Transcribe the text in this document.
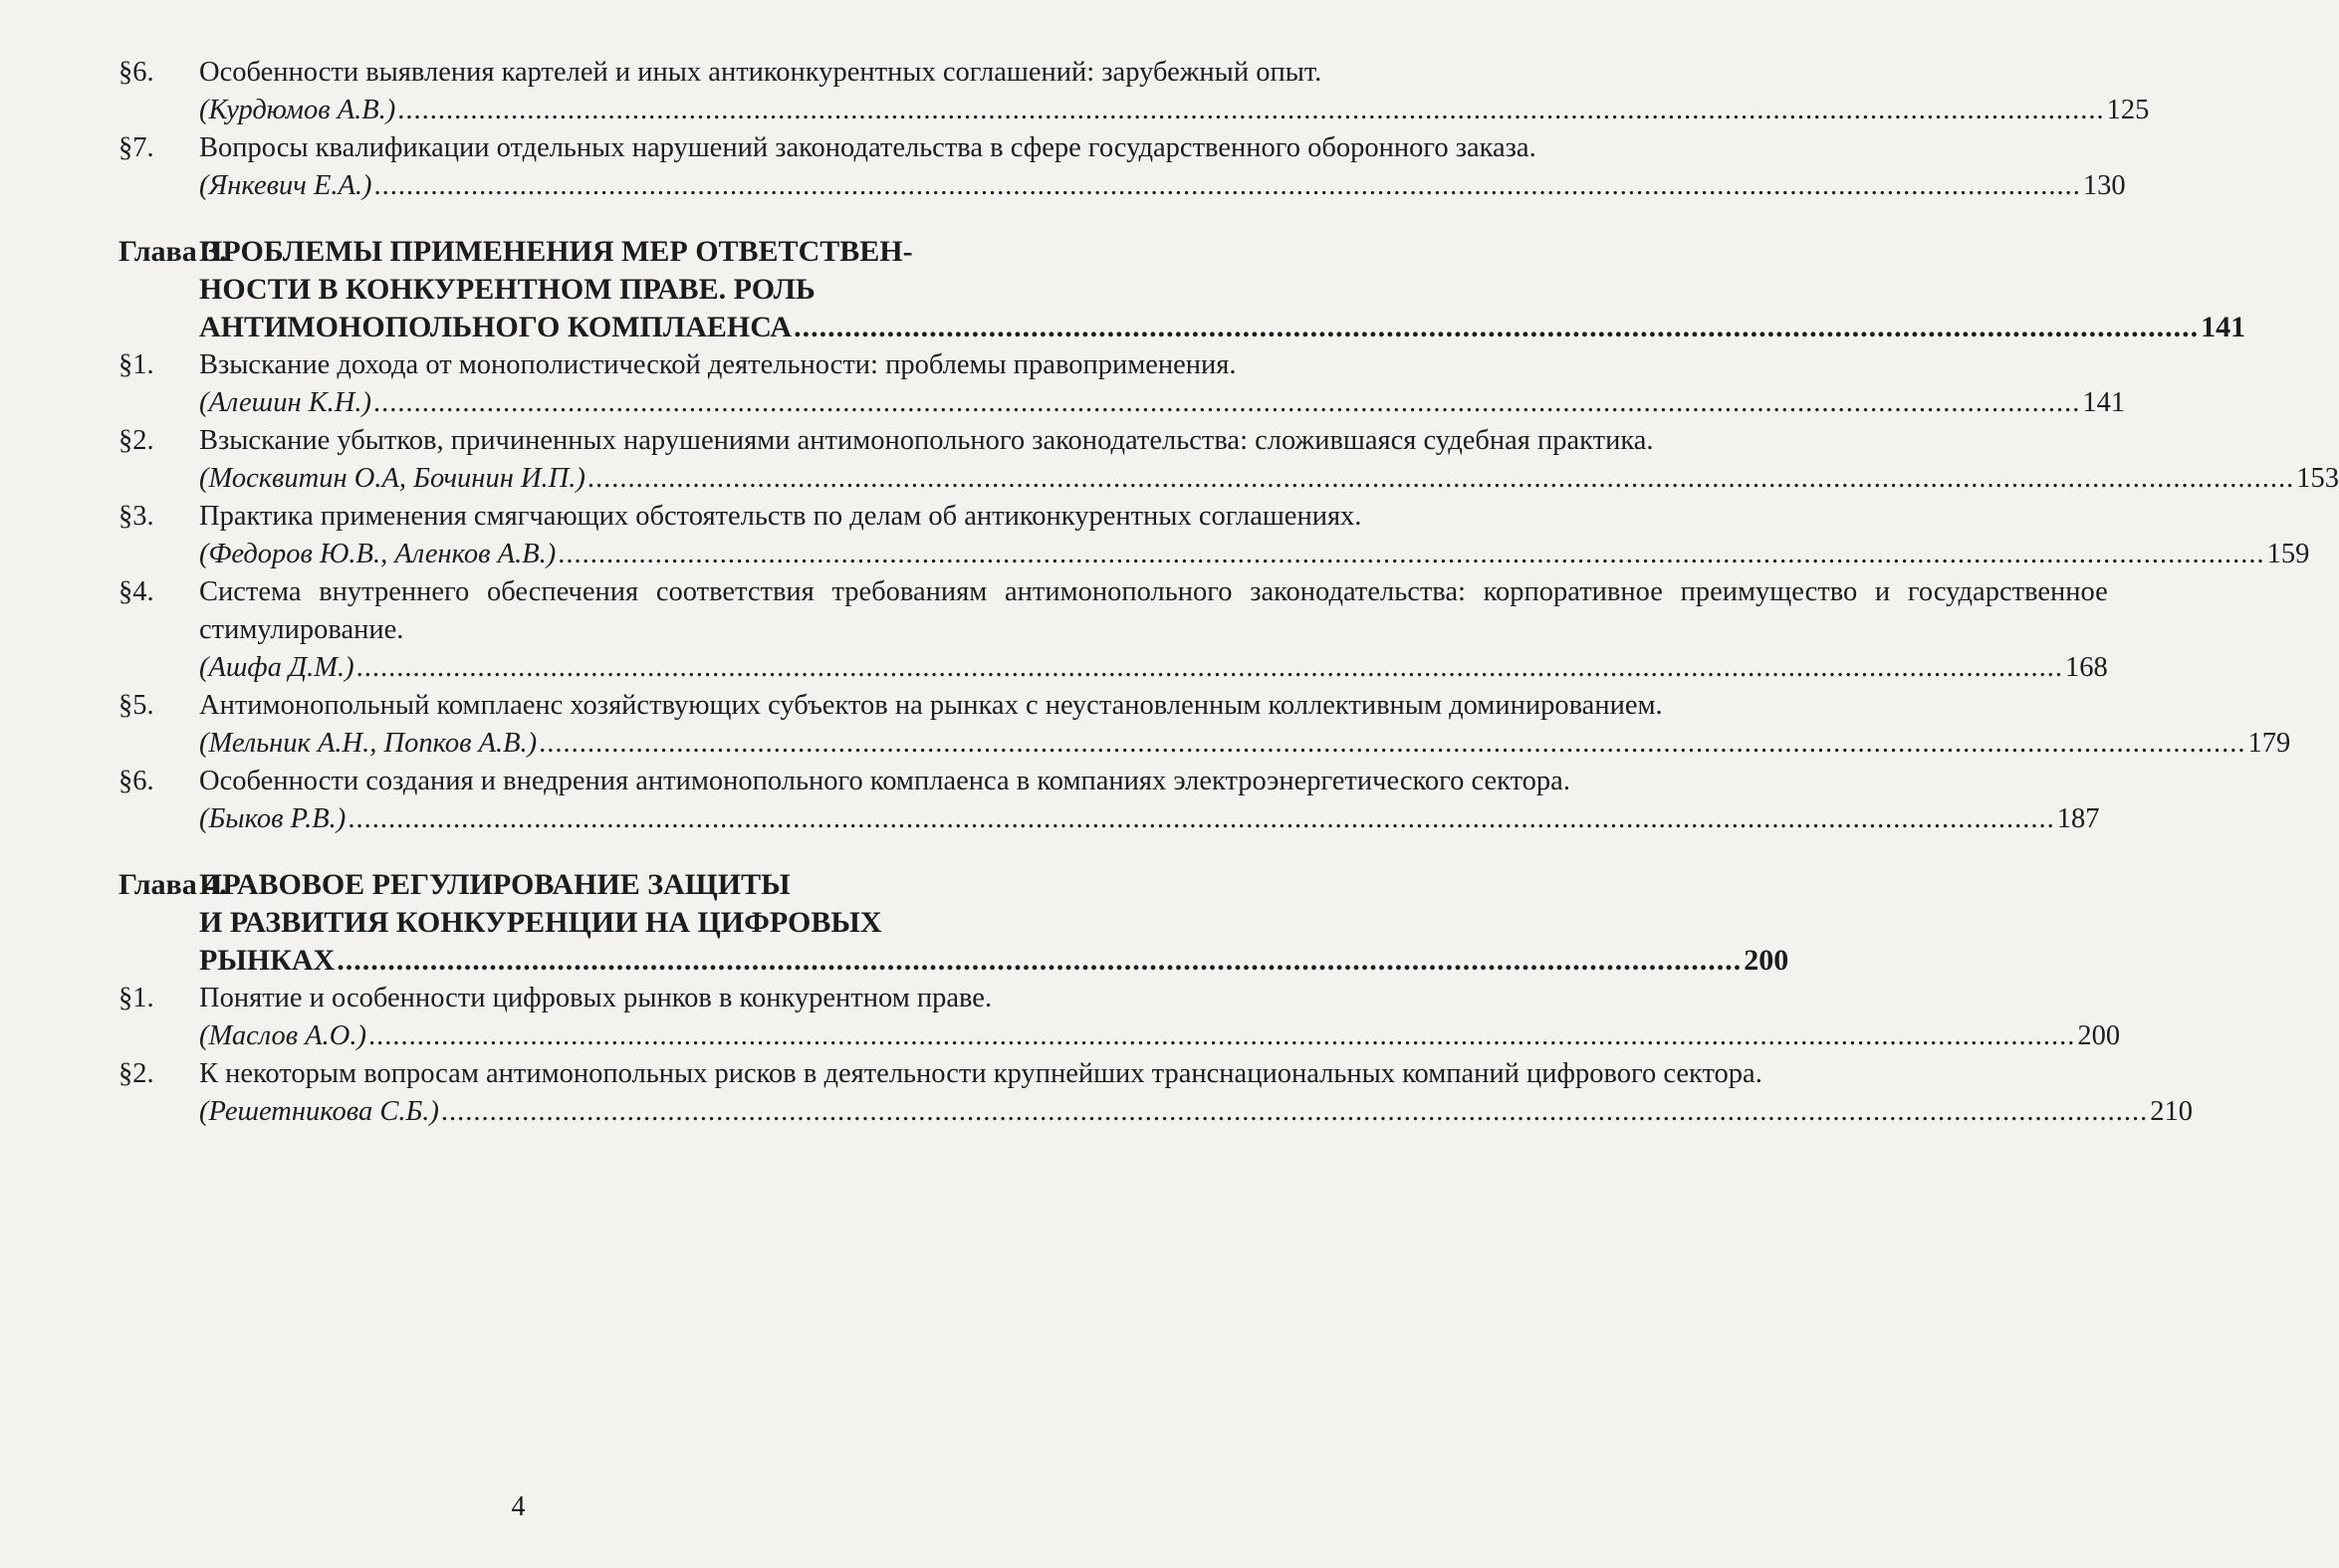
§6.	Особенности выявления картелей и иных антиконкурентных соглашений: зарубежный опыт.
(Курдюмов А.В.) .....	125
§7.	Вопросы квалификации отдельных нарушений законодательства в сфере государственного оборонного заказа.
(Янкевич Е.А.) .....	130
Глава 3.
ПРОБЛЕМЫ ПРИМЕНЕНИЯ МЕР ОТВЕТСТВЕН-
НОСТИ В КОНКУРЕНТНОМ ПРАВЕ. РОЛЬ
АНТИМОНОПОЛЬНОГО КОМПЛАЕНСА .....	141
§1.	Взыскание дохода от монополистической деятельности: проблемы правоприменения.
(Алешин К.Н.) .....	141
§2.	Взыскание убытков, причиненных нарушениями антимонопольного законодательства: сложившаяся судебная практика.
(Москвитин О.А, Бочинин И.П.) .....	153
§3.	Практика применения смягчающих обстоятельств по делам об антиконкурентных соглашениях.
(Федоров Ю.В., Аленков А.В.) .....	159
§4.	Система внутреннего обеспечения соответствия требованиям антимонопольного законодательства: корпоративное преимущество и государственное стимулирование.
(Ашфа Д.М.) .....	168
§5.	Антимонопольный комплаенс хозяйствующих субъектов на рынках с неустановленным коллективным доминированием.
(Мельник А.Н., Попков А.В.) .....	179
§6.	Особенности создания и внедрения антимонопольного комплаенса в компаниях электроэнергетического сектора.
(Быков Р.В.) .....	187
Глава 4.
ПРАВОВОЕ РЕГУЛИРОВАНИЕ ЗАЩИТЫ
И РАЗВИТИЯ КОНКУРЕНЦИИ НА ЦИФРОВЫХ
РЫНКАХ .....	200
§1.	Понятие и особенности цифровых рынков в конкурентном праве.
(Маслов А.О.) .....	200
§2.	К некоторым вопросам антимонопольных рисков в деятельности крупнейших транснациональных компаний цифрового сектора.
(Решетникова С.Б.) .....	210
4
